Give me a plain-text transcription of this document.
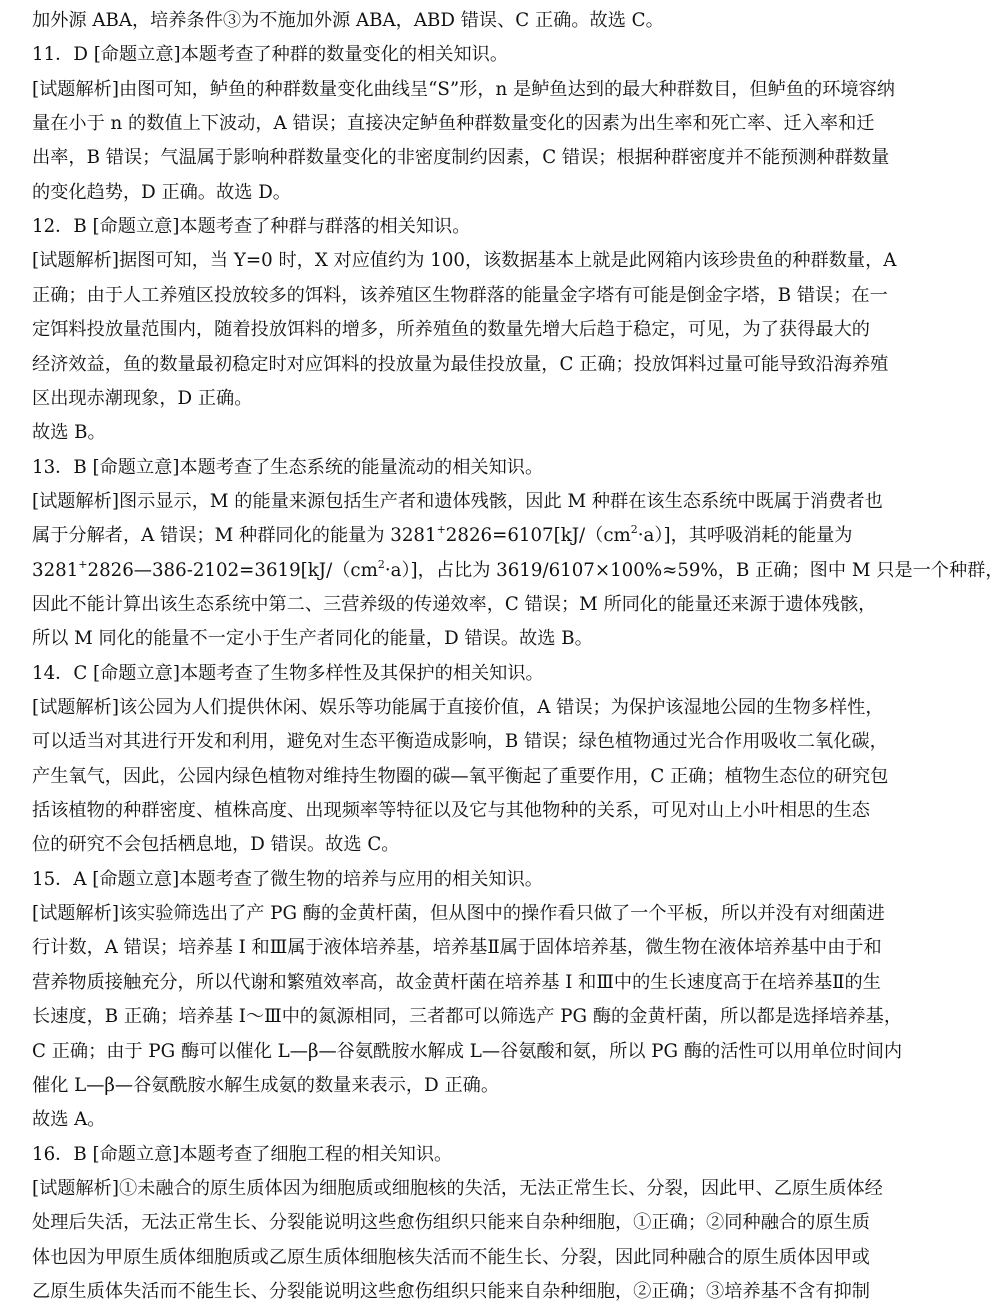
加外源 ABA，培养条件③为不施加外源 ABA，ABD 错误、C 正确。故选 C。
11．D [命题立意]本题考查了种群的数量变化的相关知识。
[试题解析]由图可知，鲈鱼的种群数量变化曲线呈“S”形，n 是鲈鱼达到的最大种群数目，但鲈鱼的环境容纳
量在小于 n 的数值上下波动，A 错误；直接决定鲈鱼种群数量变化的因素为出生率和死亡率、迁入率和迁
出率，B 错误；气温属于影响种群数量变化的非密度制约因素，C 错误；根据种群密度并不能预测种群数量
的变化趋势，D 正确。故选 D。
12．B [命题立意]本题考查了种群与群落的相关知识。
[试题解析]据图可知，当 Y=0 时，X 对应值约为 100，该数据基本上就是此网箱内该珍贵鱼的种群数量，A
正确；由于人工养殖区投放较多的饵料，该养殖区生物群落的能量金字塔有可能是倒金字塔，B 错误；在一
定饵料投放量范围内，随着投放饵料的增多，所养殖鱼的数量先增大后趋于稳定，可见，为了获得最大的
经济效益，鱼的数量最初稳定时对应饵料的投放量为最佳投放量，C 正确；投放饵料过量可能导致沿海养殖
区出现赤潮现象，D 正确。
故选 B。
13．B [命题立意]本题考查了生态系统的能量流动的相关知识。
[试题解析]图示显示，M 的能量来源包括生产者和遗体残骸，因此 M 种群在该生态系统中既属于消费者也
属于分解者，A 错误；M 种群同化的能量为 $3281^+2826=6107[kJ/(cm^2\cdot a)]$，其呼吸消耗的能量为
$3281^+2826—386-2102=3619[kJ/(cm^2\cdot a)]$，占比为 3619/6107×100%≈59%，B 正确；图中 M 只是一个种群，
因此不能计算出该生态系统中第二、三营养级的传递效率，C 错误；M 所同化的能量还来源于遗体残骸，
所以 M 同化的能量不一定小于生产者同化的能量，D 错误。故选 B。
14．C [命题立意]本题考查了生物多样性及其保护的相关知识。
[试题解析]该公园为人们提供休闲、娱乐等功能属于直接价值，A 错误；为保护该湿地公园的生物多样性，
可以适当对其进行开发和利用，避免对生态平衡造成影响，B 错误；绿色植物通过光合作用吸收二氧化碳，
产生氧气，因此，公园内绿色植物对维持生物圈的碳—氧平衡起了重要作用，C 正确；植物生态位的研究包
括该植物的种群密度、植株高度、出现频率等特征以及它与其他物种的关系，可见对山上小叶相思的生态
位的研究不会包括栖息地，D 错误。故选 C。
15．A [命题立意]本题考查了微生物的培养与应用的相关知识。
[试题解析]该实验筛选出了产 PG 酶的金黄杆菌，但从图中的操作看只做了一个平板，所以并没有对细菌进
行计数，A 错误；培养基 I 和Ⅲ属于液体培养基，培养基Ⅱ属于固体培养基，微生物在液体培养基中由于和
营养物质接触充分，所以代谢和繁殖效率高，故金黄杆菌在培养基 I 和Ⅲ中的生长速度高于在培养基Ⅱ的生
长速度，B 正确；培养基 I～Ⅲ中的氮源相同，三者都可以筛选产 PG 酶的金黄杆菌，所以都是选择培养基，
C 正确；由于 PG 酶可以催化 L—β—谷氨酰胺水解成 L—谷氨酸和氨，所以 PG 酶的活性可以用单位时间内
催化 L—β—谷氨酰胺水解生成氨的数量来表示，D 正确。
故选 A。
16．B [命题立意]本题考查了细胞工程的相关知识。
[试题解析]①未融合的原生质体因为细胞质或细胞核的失活，无法正常生长、分裂，因此甲、乙原生质体经
处理后失活，无法正常生长、分裂能说明这些愈伤组织只能来自杂种细胞，①正确；②同种融合的原生质
体也因为甲原生质体细胞质或乙原生质体细胞核失活而不能生长、分裂，因此同种融合的原生质体因甲或
乙原生质体失活而不能生长、分裂能说明这些愈伤组织只能来自杂种细胞，②正确；③培养基不含有抑制
